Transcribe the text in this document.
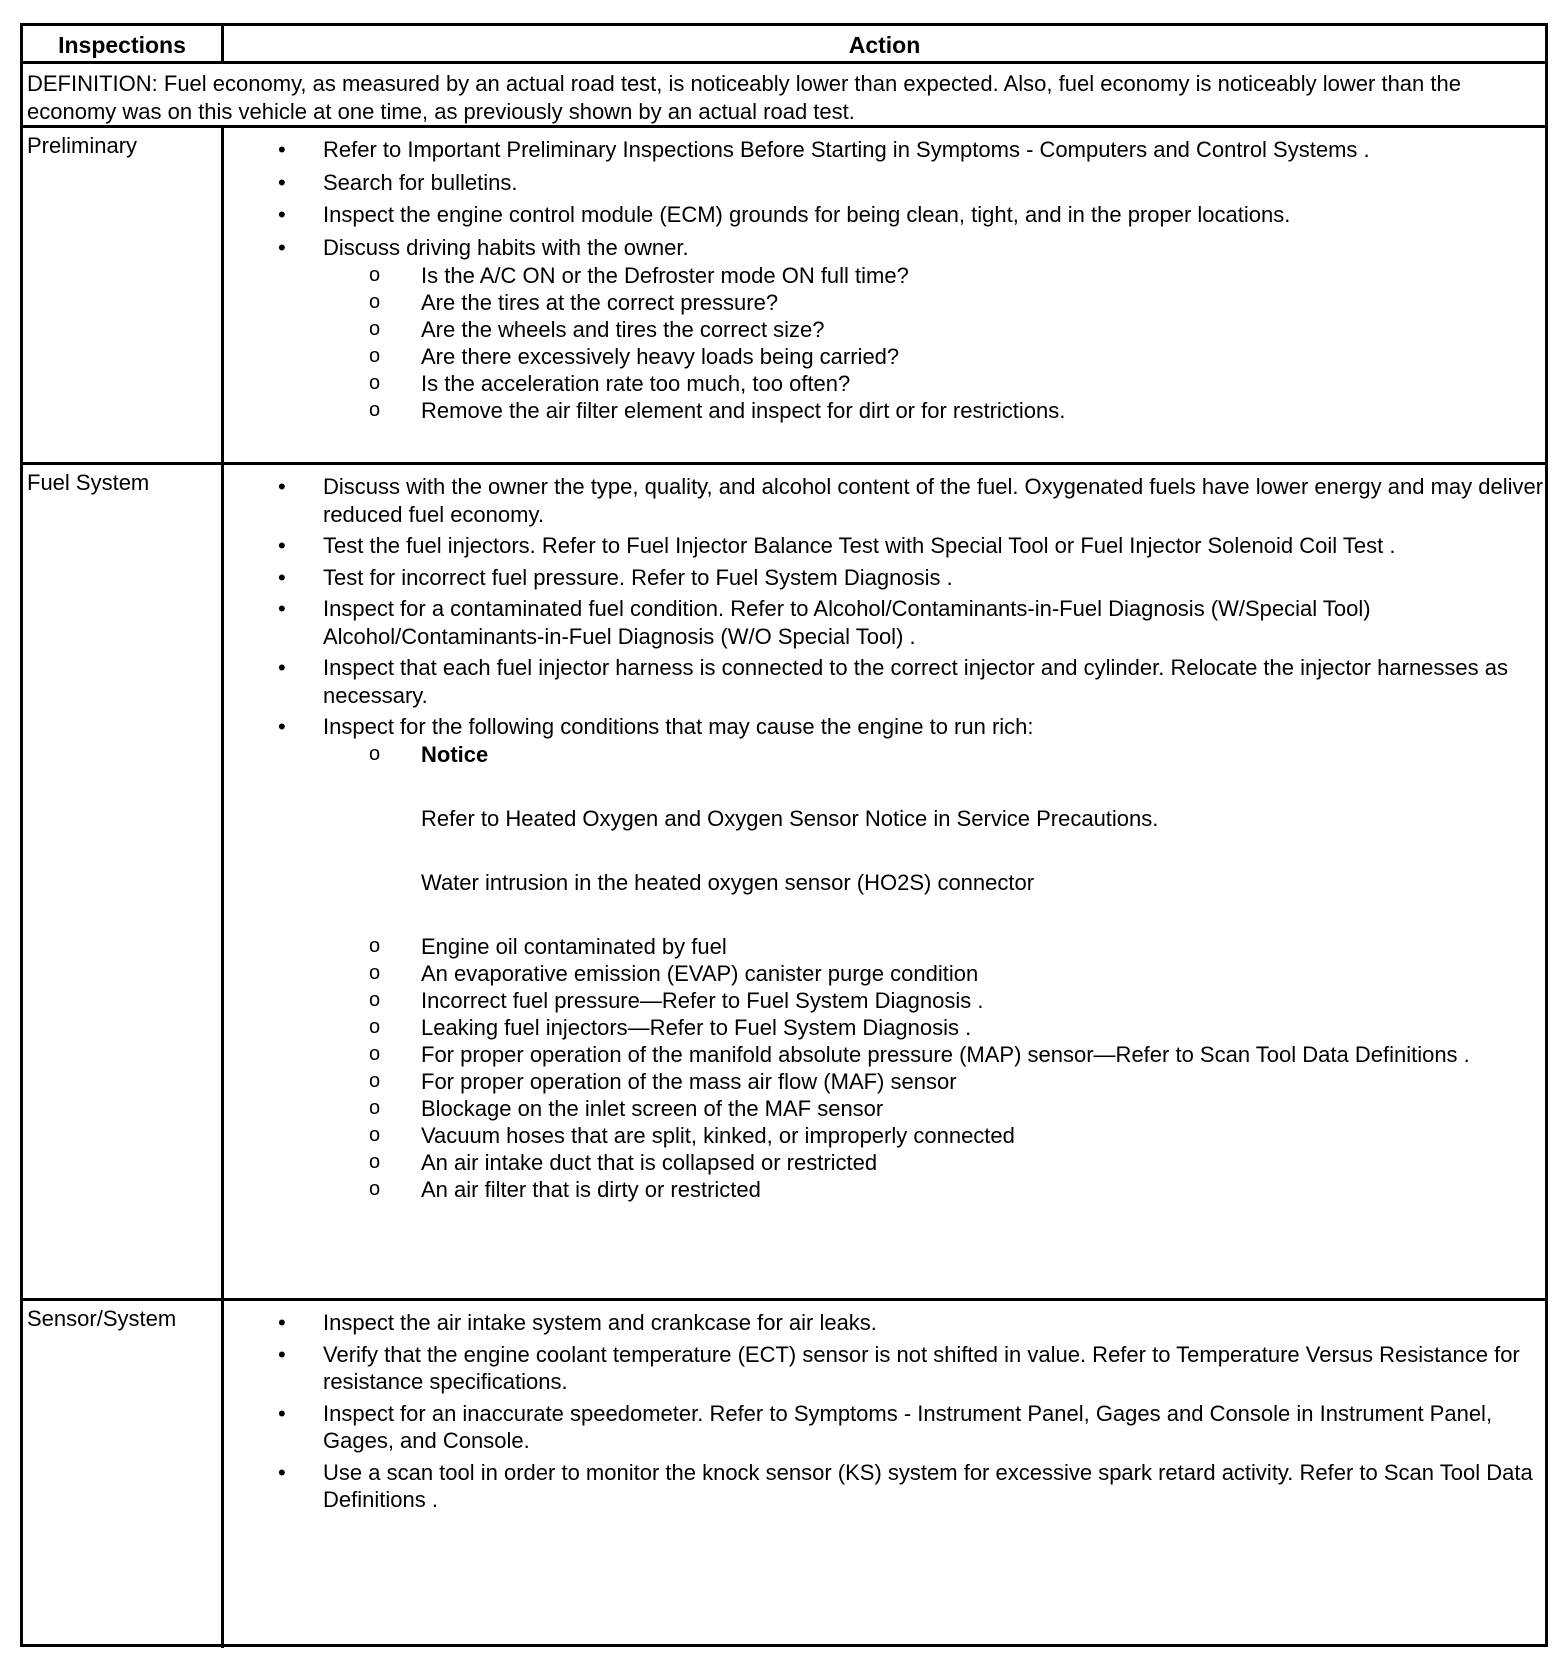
Inspections	Action
DEFINITION: Fuel economy, as measured by an actual road test, is noticeably lower than expected. Also, fuel economy is noticeably lower than the economy was on this vehicle at one time, as previously shown by an actual road test.
Preliminary	• Refer to Important Preliminary Inspections Before Starting in Symptoms - Computers and Control Systems .
• Search for bulletins.
• Inspect the engine control module (ECM) grounds for being clean, tight, and in the proper locations.
• Discuss driving habits with the owner.
o Is the A/C ON or the Defroster mode ON full time?
o Are the tires at the correct pressure?
o Are the wheels and tires the correct size?
o Are there excessively heavy loads being carried?
o Is the acceleration rate too much, too often?
o Remove the air filter element and inspect for dirt or for restrictions.
Fuel System	• Discuss with the owner the type, quality, and alcohol content of the fuel. Oxygenated fuels have lower energy and may deliver reduced fuel economy.
• Test the fuel injectors. Refer to Fuel Injector Balance Test with Special Tool or Fuel Injector Solenoid Coil Test .
• Test for incorrect fuel pressure. Refer to Fuel System Diagnosis .
• Inspect for a contaminated fuel condition. Refer to Alcohol/Contaminants-in-Fuel Diagnosis (W/Special Tool) Alcohol/Contaminants-in-Fuel Diagnosis (W/O Special Tool) .
• Inspect that each fuel injector harness is connected to the correct injector and cylinder. Relocate the injector harnesses as necessary.
• Inspect for the following conditions that may cause the engine to run rich:
o Notice

Refer to Heated Oxygen and Oxygen Sensor Notice in Service Precautions.

Water intrusion in the heated oxygen sensor (HO2S) connector

o Engine oil contaminated by fuel
o An evaporative emission (EVAP) canister purge condition
o Incorrect fuel pressure—Refer to Fuel System Diagnosis .
o Leaking fuel injectors—Refer to Fuel System Diagnosis .
o For proper operation of the manifold absolute pressure (MAP) sensor—Refer to Scan Tool Data Definitions .
o For proper operation of the mass air flow (MAF) sensor
o Blockage on the inlet screen of the MAF sensor
o Vacuum hoses that are split, kinked, or improperly connected
o An air intake duct that is collapsed or restricted
o An air filter that is dirty or restricted
Sensor/System	• Inspect the air intake system and crankcase for air leaks.
• Verify that the engine coolant temperature (ECT) sensor is not shifted in value. Refer to Temperature Versus Resistance for resistance specifications.
• Inspect for an inaccurate speedometer. Refer to Symptoms - Instrument Panel, Gages and Console in Instrument Panel, Gages, and Console.
• Use a scan tool in order to monitor the knock sensor (KS) system for excessive spark retard activity. Refer to Scan Tool Data Definitions .
